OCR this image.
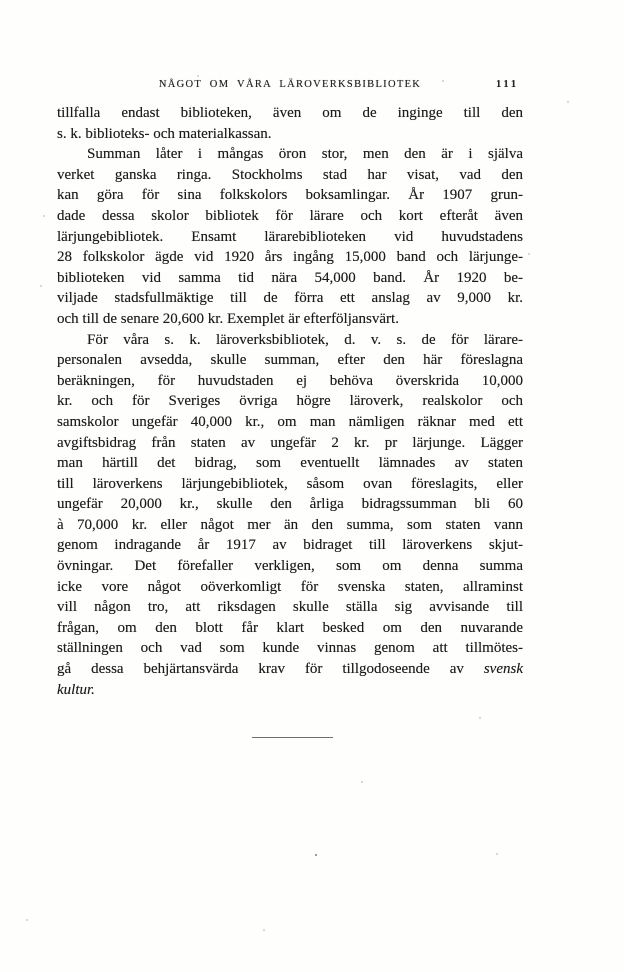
NÅGOT OM VÅRA LÄROVERKSBIBLIOTEK	111
tillfalla endast biblioteken, även om de inginge till den
s. k. biblioteks- och materialkassan.
Summan låter i mångas öron stor, men den är i själva
verket ganska ringa. Stockholms stad har visat, vad den
kan göra för sina folkskolors boksamlingar. År 1907 grun-
dade dessa skolor bibliotek för lärare och kort efteråt även
lärjungebibliotek. Ensamt lärarebiblioteken vid huvudstadens
28 folkskolor ägde vid 1920 års ingång 15,000 band och lärjunge-
biblioteken vid samma tid nära 54,000 band. År 1920 be-
viljade stadsfullmäktige till de förra ett anslag av 9,000 kr.
och till de senare 20,600 kr. Exemplet är efterföljansvärt.
För våra s. k. läroverksbibliotek, d. v. s. de för lärare-
personalen avsedda, skulle summan, efter den här föreslagna
beräkningen, för huvudstaden ej behöva överskrida 10,000
kr. och för Sveriges övriga högre läroverk, realskolor och
samskolor ungefär 40,000 kr., om man nämligen räknar med ett
avgiftsbidrag från staten av ungefär 2 kr. pr lärjunge. Lägger
man härtill det bidrag, som eventuellt lämnades av staten
till läroverkens lärjungebibliotek, såsom ovan föreslagits, eller
ungefär 20,000 kr., skulle den årliga bidragssumman bli 60
à 70,000 kr. eller något mer än den summa, som staten vann
genom indragande år 1917 av bidraget till läroverkens skjut-
övningar. Det förefaller verkligen, som om denna summa
icke vore något oöverkomligt för svenska staten, allraminst
vill någon tro, att riksdagen skulle ställa sig avvisande till
frågan, om den blott får klart besked om den nuvarande
ställningen och vad som kunde vinnas genom att tillmötes-
gå dessa behjärtansvärda krav för tillgodoseende av svensk
kultur.
